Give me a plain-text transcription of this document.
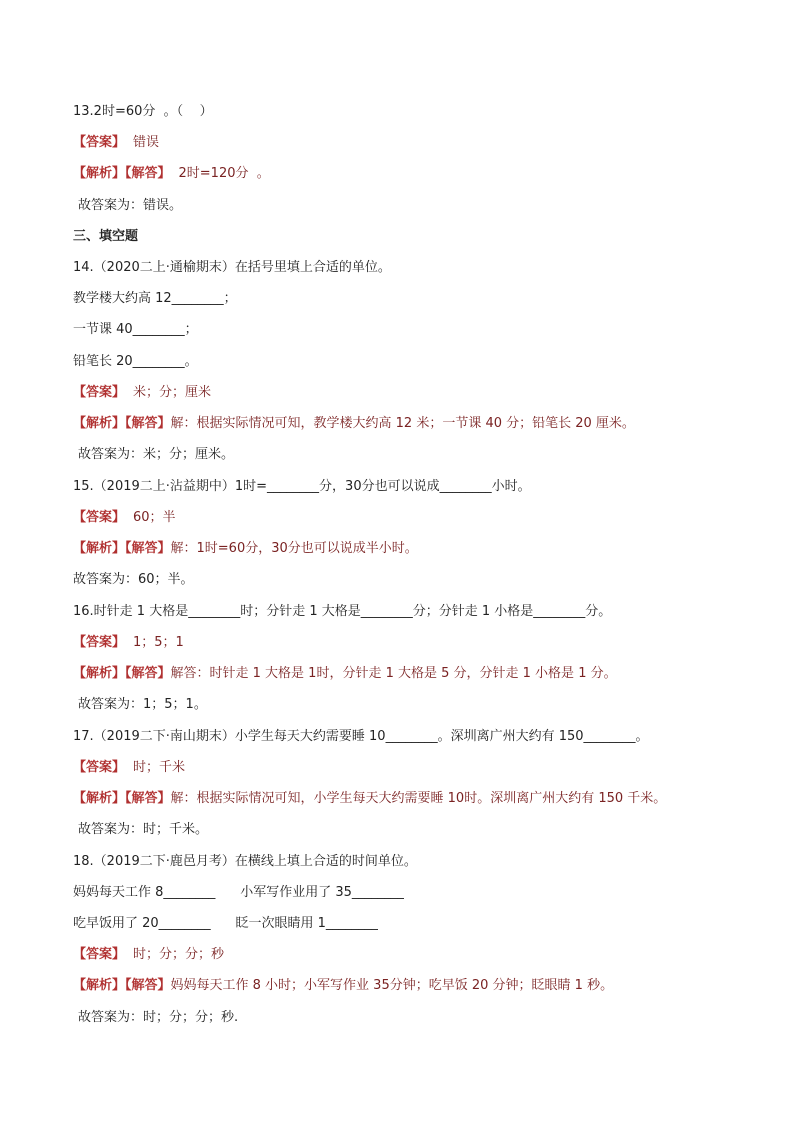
13.2时=60分  。（    ）
【答案】 错误
【解析】【解答】 2时=120分  。
故答案为：错误。
三、填空题
14.（2020二上·通榆期末）在括号里填上合适的单位。
教学楼大约高 12________；
一节课 40________；
铅笔长 20________。
【答案】 米；分；厘米
【解析】【解答】解：根据实际情况可知，教学楼大约高 12 米；一节课 40 分；铅笔长 20 厘米。
故答案为：米；分；厘米。
15.（2019二上·沾益期中）1时=________分，30分也可以说成________小时。
【答案】 60；半
【解析】【解答】解：1时=60分，30分也可以说成半小时。
故答案为：60；半。
16.时针走 1 大格是________时；分针走 1 大格是________分；分针走 1 小格是________分。
【答案】 1；5；1
【解析】【解答】解答：时针走 1 大格是 1时，分针走 1 大格是 5 分，分针走 1 小格是 1 分。
故答案为：1；5；1。
17.（2019二下·南山期末）小学生每天大约需要睡 10________。深圳离广州大约有 150________。
【答案】 时；千米
【解析】【解答】解：根据实际情况可知，小学生每天大约需要睡 10时。深圳离广州大约有 150 千米。
故答案为：时；千米。
18.（2019二下·鹿邑月考）在横线上填上合适的时间单位。
妈妈每天工作 8________      小军写作业用了 35________
吃早饭用了 20________      眨一次眼睛用 1________
【答案】 时；分；分；秒
【解析】【解答】妈妈每天工作 8 小时；小军写作业 35分钟；吃早饭 20 分钟；眨眼睛 1 秒。
故答案为：时；分；分；秒.
